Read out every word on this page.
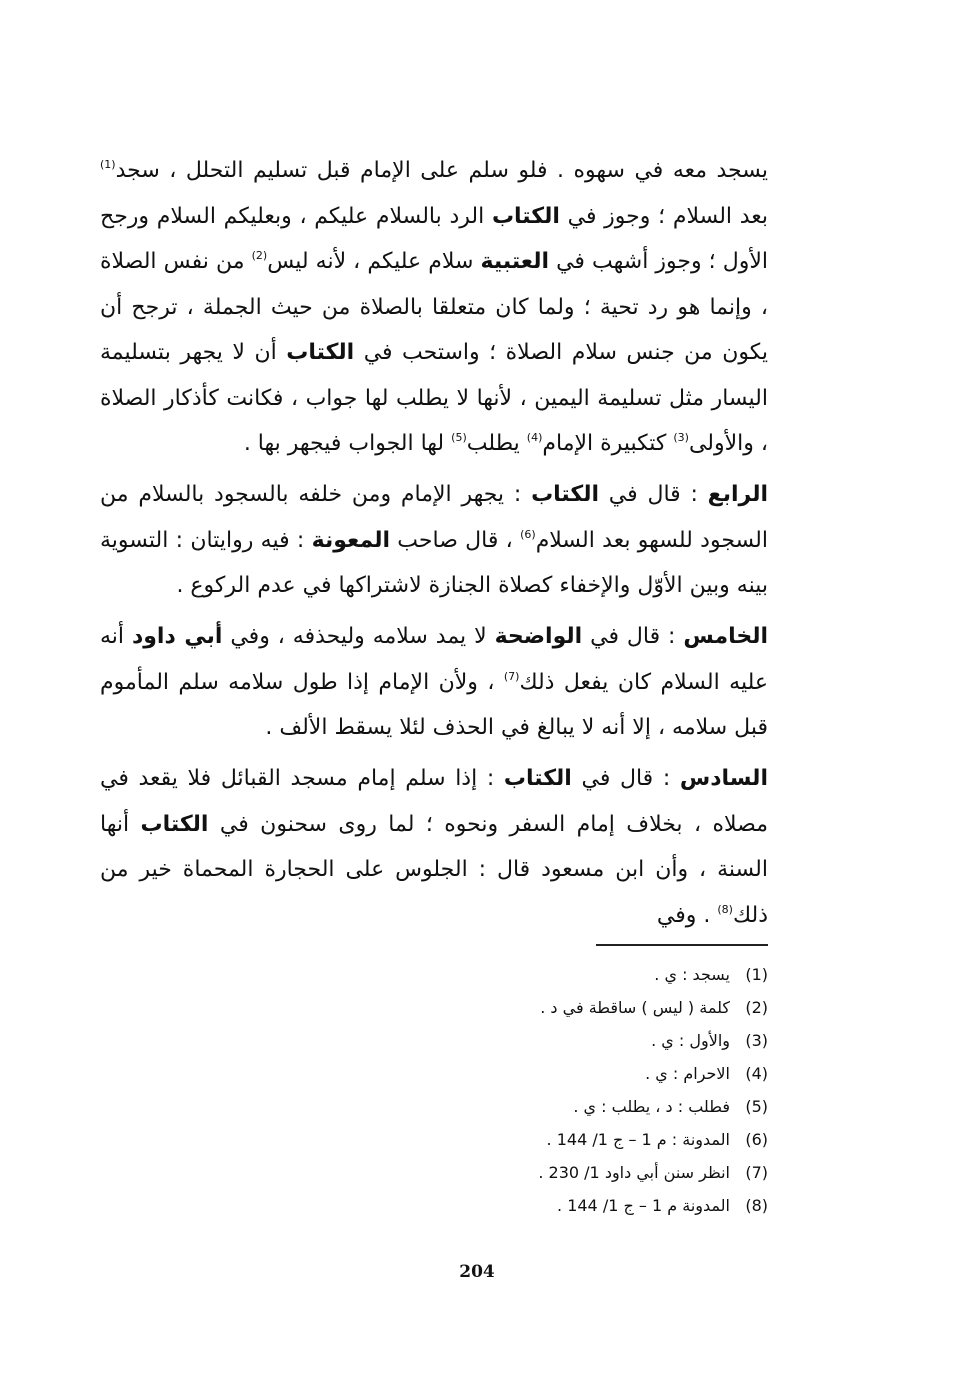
يسجد معه في سهوه . فلو سلم على الإمام قبل تسليم التحلل ، سجد$^{(1)}$ بعد السلام ؛ وجوز في الكتاب الرد بالسلام عليكم ، وبعليكم السلام ورجح الأول ؛ وجوز أشهب في العتبية سلام عليكم ، لأنه ليس$^{(2)}$ من نفس الصلاة ، وإنما هو رد تحية ؛ ولما كان متعلقا بالصلاة من حيث الجملة ، ترجح أن يكون من جنس سلام الصلاة ؛ واستحب في الكتاب أن لا يجهر بتسليمة اليسار مثل تسليمة اليمين ، لأنها لا يطلب لها جواب ، فكانت كأذكار الصلاة ، والأولى$^{(3)}$ كتكبيرة الإمام$^{(4)}$ يطلب$^{(5)}$ لها الجواب فيجهر بها .

الرابع : قال في الكتاب : يجهر الإمام ومن خلفه بالسجود بالسلام من السجود للسهو بعد السلام$^{(6)}$ ، قال صاحب المعونة : فيه روايتان : التسوية بينه وبين الأوّل والإخفاء كصلاة الجنازة لاشتراكها في عدم الركوع .

الخامس : قال في الواضحة لا يمد سلامه وليحذفه ، وفي أبي داود أنه عليه السلام كان يفعل ذلك$^{(7)}$ ، ولأن الإمام إذا طول سلامه سلم المأموم قبل سلامه ، إلا أنه لا يبالغ في الحذف لئلا يسقط الألف .

السادس : قال في الكتاب : إذا سلم إمام مسجد القبائل فلا يقعد في مصلاه ، بخلاف إمام السفر ونحوه ؛ لما روى سحنون في الكتاب أنها السنة ، وأن ابن مسعود قال : الجلوس على الحجارة المحماة خير من ذلك$^{(8)}$ . وفي

(1)
يسجد : ي .
(2)
كلمة ( ليس ) ساقطة في د .
(3)
والأول : ي .
(4)
الاحرام : ي .
(5)
فطلب : د ، يطلب : ي .
(6)
المدونة : م 1 – ج 1/ 144 .
(7)
انظر سنن أبي داود 1/ 230 .
(8)
المدونة م 1 – ج 1/ 144 .
204
